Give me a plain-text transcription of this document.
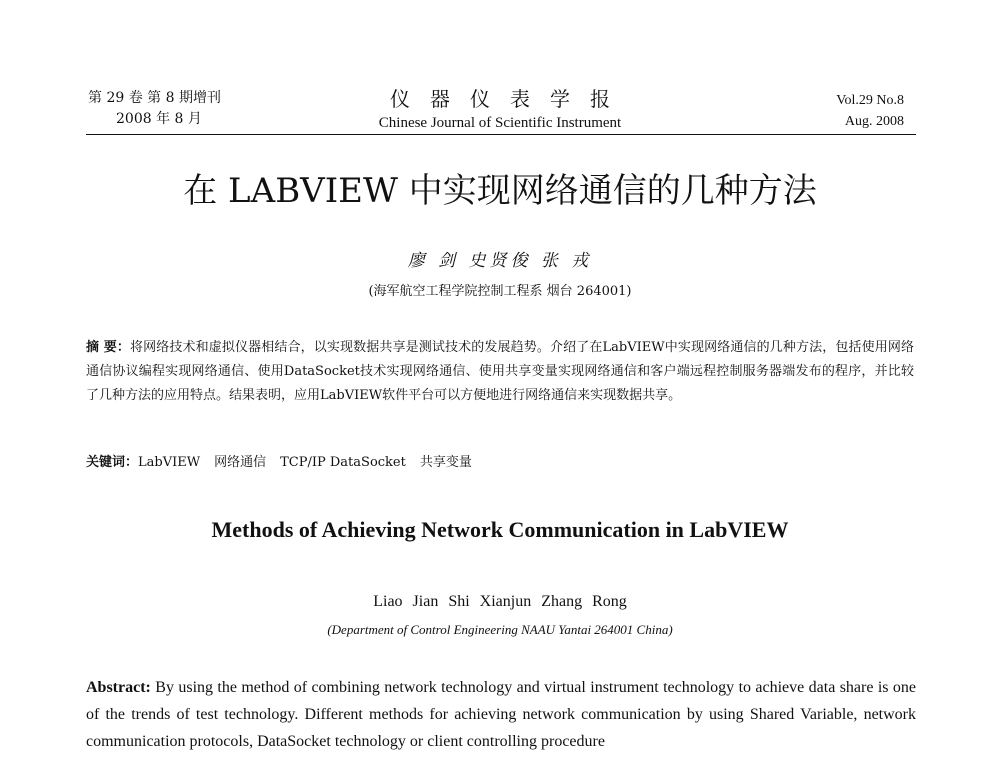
第 29 卷 第 8 期增刊
2008 年 8 月
仪器仪表学报
Chinese Journal of Scientific Instrument
Vol.29 No.8
Aug. 2008
在 LABVIEW 中实现网络通信的几种方法
廖 剑 史贤俊 张 戎
(海军航空工程学院控制工程系 烟台 264001)
摘 要：将网络技术和虚拟仪器相结合，以实现数据共享是测试技术的发展趋势。介绍了在LabVIEW中实现网络通信的几种方法，包括使用网络通信协议编程实现网络通信、使用DataSocket技术实现网络通信、使用共享变量实现网络通信和客户端远程控制服务器端发布的程序，并比较了几种方法的应用特点。结果表明，应用LabVIEW软件平台可以方便地进行网络通信来实现数据共享。
关键词：LabVIEW 网络通信 TCP/IP DataSocket 共享变量
Methods of Achieving Network Communication in LabVIEW
Liao Jian Shi Xianjun Zhang Rong
(Department of Control Engineering NAAU Yantai 264001 China)
Abstract: By using the method of combining network technology and virtual instrument technology to achieve data share is one of the trends of test technology. Different methods for achieving network communication by using Shared Variable, network communication protocols, DataSocket technology or client controlling procedure
